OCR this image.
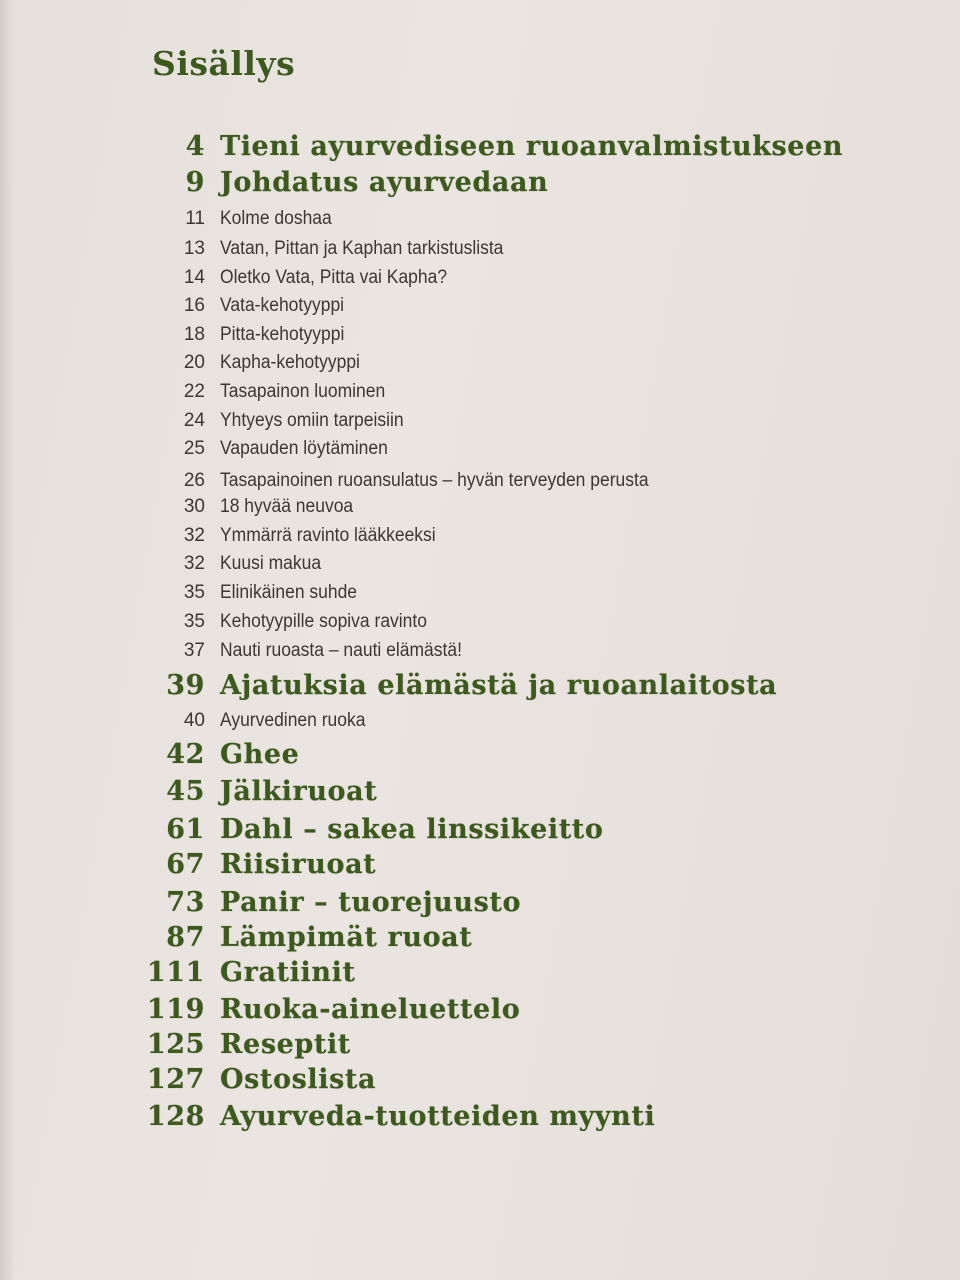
Sisällys
4 Tieni ayurvediseen ruoanvalmistukseen
9 Johdatus ayurvedaan
11 Kolme doshaa
13 Vatan, Pittan ja Kaphan tarkistuslista
14 Oletko Vata, Pitta vai Kapha?
16 Vata-kehotyyppi
18 Pitta-kehotyyppi
20 Kapha-kehotyyppi
22 Tasapainon luominen
24 Yhtyeys omiin tarpeisiin
25 Vapauden löytäminen
26 Tasapainoinen ruoansulatus – hyvän terveyden perusta
30 18 hyvää neuvoa
32 Ymmärrä ravinto lääkkeeksi
32 Kuusi makua
35 Elinikäinen suhde
35 Kehotyypille sopiva ravinto
37 Nauti ruoasta – nauti elämästä!
39 Ajatuksia elämästä ja ruoanlaitosta
40 Ayurvedinen ruoka
42 Ghee
45 Jälkiruoat
61 Dahl – sakea linssikeitto
67 Riisiruoat
73 Panir – tuorejuusto
87 Lämpimät ruoat
111 Gratiinit
119 Ruoka-aineluettelo
125 Reseptit
127 Ostoslista
128 Ayurveda-tuotteiden myynti
